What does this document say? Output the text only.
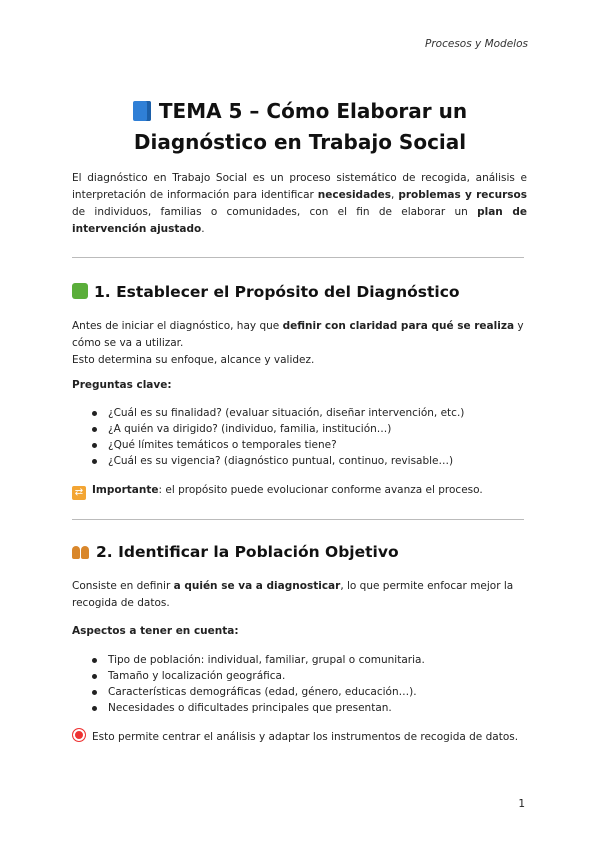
Procesos y Modelos
TEMA 5 – Cómo Elaborar un
Diagnóstico en Trabajo Social
El diagnóstico en Trabajo Social es un proceso sistemático de recogida, análisis e interpretación de información para identificar necesidades, problemas y recursos de individuos, familias o comunidades, con el fin de elaborar un plan de intervención ajustado.
1. Establecer el Propósito del Diagnóstico

Antes de iniciar el diagnóstico, hay que definir con claridad para qué se realiza y cómo se va a utilizar.

Esto determina su enfoque, alcance y validez.

Preguntas clave:
¿Cuál es su finalidad? (evaluar situación, diseñar intervención, etc.)
¿A quién va dirigido? (individuo, familia, institución…)
¿Qué límites temáticos o temporales tiene?
¿Cuál es su vigencia? (diagnóstico puntual, continuo, revisable…)
⇄ Importante: el propósito puede evolucionar conforme avanza el proceso.
2. Identificar la Población Objetivo
Consiste en definir a quién se va a diagnosticar, lo que permite enfocar mejor la recogida de datos.
Aspectos a tener en cuenta:
Tipo de población: individual, familiar, grupal o comunitaria.
Tamaño y localización geográfica.
Características demográficas (edad, género, educación…).
Necesidades o dificultades principales que presentan.
Esto permite centrar el análisis y adaptar los instrumentos de recogida de datos.
1
